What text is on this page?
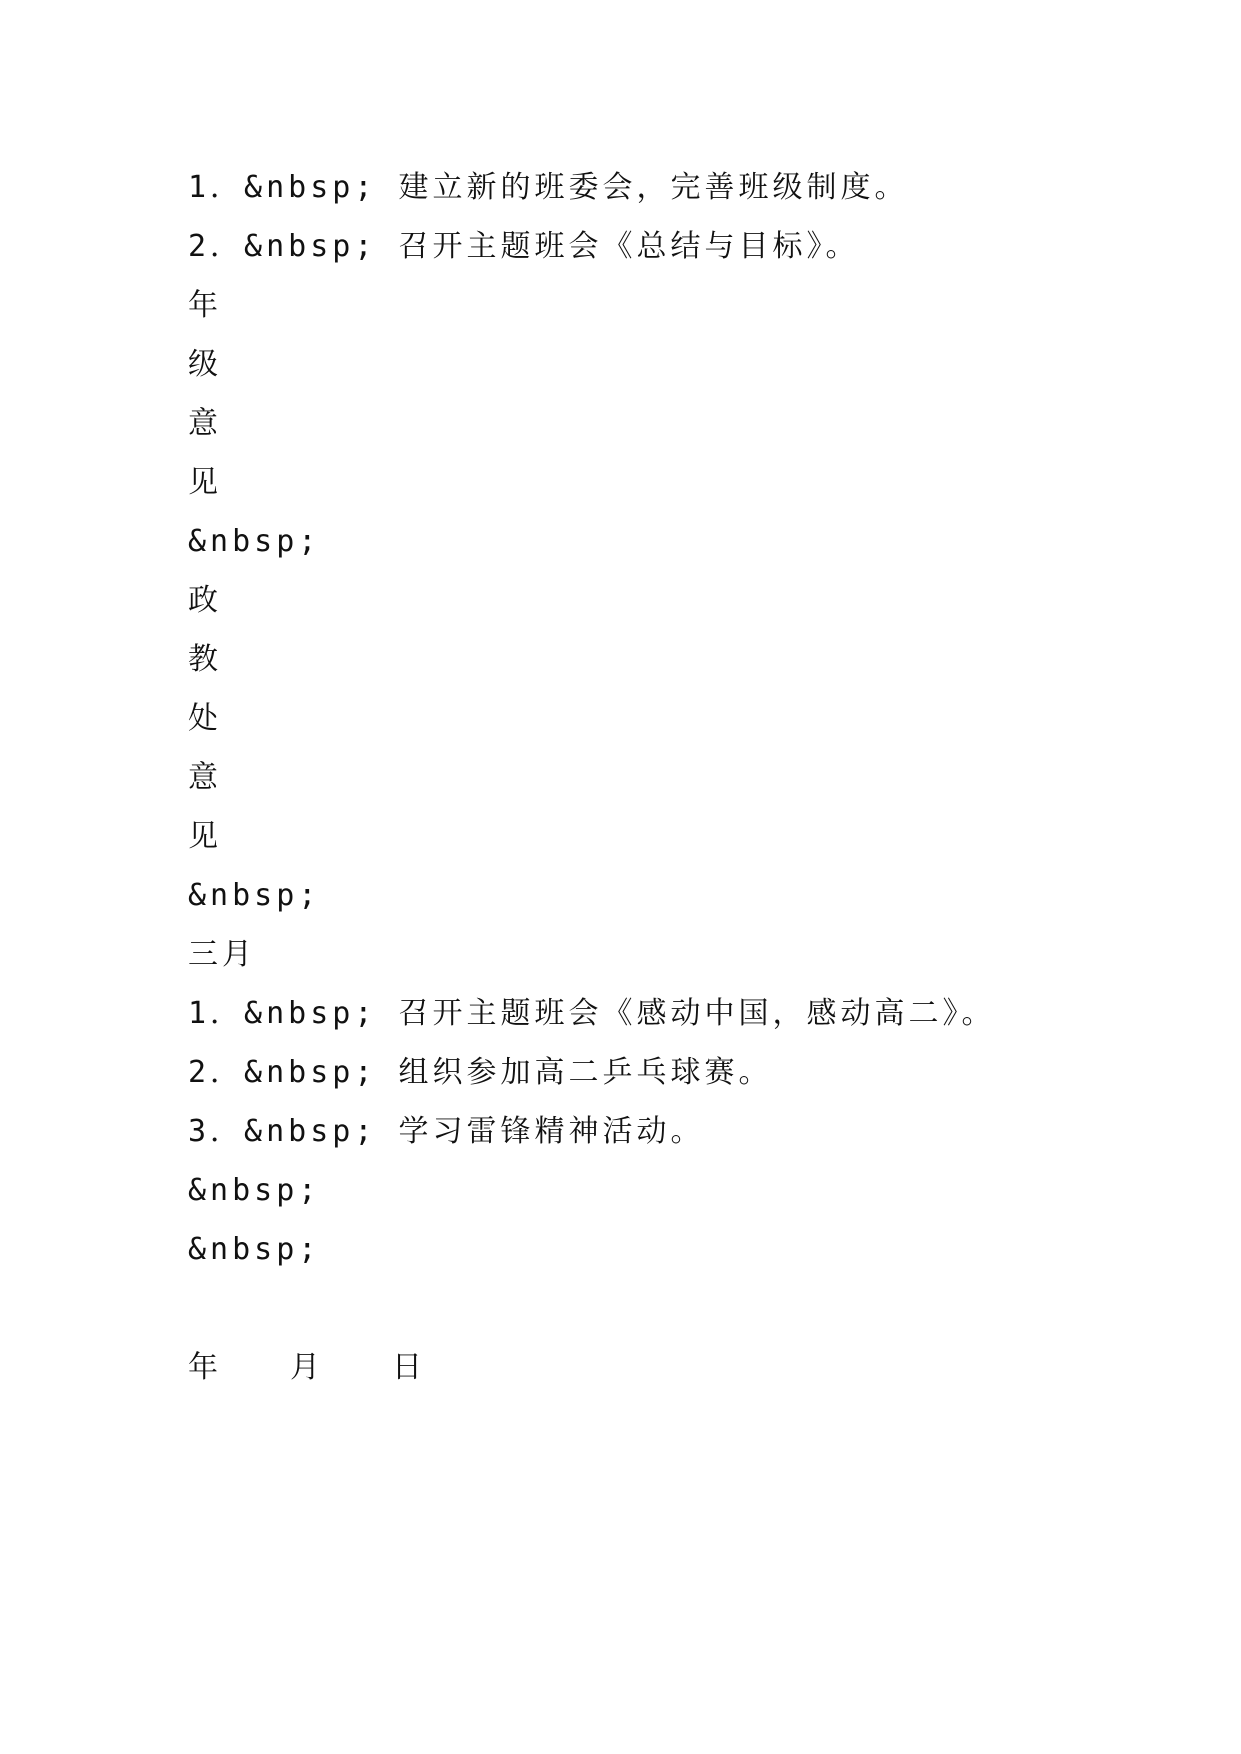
1．&nbsp; 建立新的班委会，完善班级制度。
2．&nbsp; 召开主题班会《总结与目标》。
年
级
意
见
&nbsp;
政
教
处
意
见
&nbsp;
三月
1．&nbsp; 召开主题班会《感动中国，感动高二》。
2．&nbsp; 组织参加高二乒乓球赛。
3．&nbsp; 学习雷锋精神活动。
&nbsp;
&nbsp;
年 月 日
